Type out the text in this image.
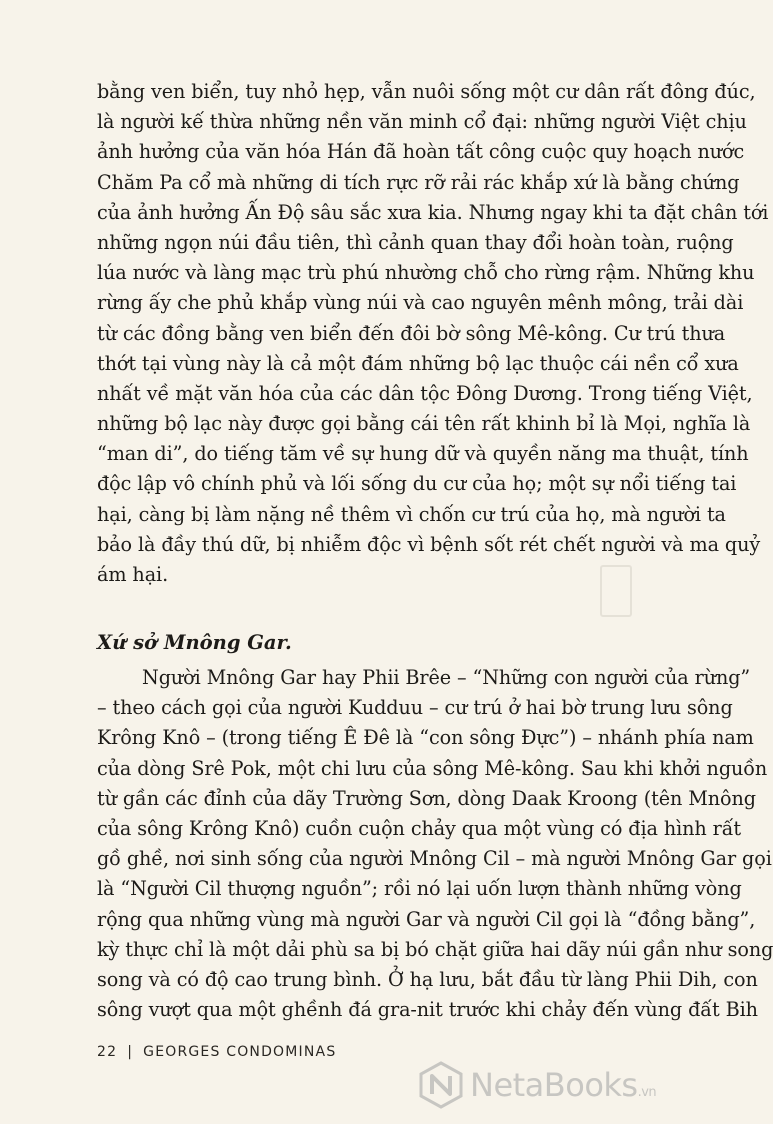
bằng ven biển, tuy nhỏ hẹp, vẫn nuôi sống một cư dân rất đông đúc,
là người kế thừa những nền văn minh cổ đại: những người Việt chịu
ảnh hưởng của văn hóa Hán đã hoàn tất công cuộc quy hoạch nước
Chăm Pa cổ mà những di tích rực rỡ rải rác khắp xứ là bằng chứng
của ảnh hưởng Ấn Độ sâu sắc xưa kia. Nhưng ngay khi ta đặt chân tới
những ngọn núi đầu tiên, thì cảnh quan thay đổi hoàn toàn, ruộng
lúa nước và làng mạc trù phú nhường chỗ cho rừng rậm. Những khu
rừng ấy che phủ khắp vùng núi và cao nguyên mênh mông, trải dài
từ các đồng bằng ven biển đến đôi bờ sông Mê-kông. Cư trú thưa
thớt tại vùng này là cả một đám những bộ lạc thuộc cái nền cổ xưa
nhất về mặt văn hóa của các dân tộc Đông Dương. Trong tiếng Việt,
những bộ lạc này được gọi bằng cái tên rất khinh bỉ là Mọi, nghĩa là
“man di”, do tiếng tăm về sự hung dữ và quyền năng ma thuật, tính
độc lập vô chính phủ và lối sống du cư của họ; một sự nổi tiếng tai
hại, càng bị làm nặng nề thêm vì chốn cư trú của họ, mà người ta
bảo là đầy thú dữ, bị nhiễm độc vì bệnh sốt rét chết người và ma quỷ
ám hại.
Xứ sở Mnông Gar.
Người Mnông Gar hay Phii Brêe – “Những con người của rừng”
– theo cách gọi của người Kudduu – cư trú ở hai bờ trung lưu sông
Krông Knô – (trong tiếng Ê Đê là “con sông Đực”) – nhánh phía nam
của dòng Srê Pok, một chi lưu của sông Mê-kông. Sau khi khởi nguồn
từ gần các đỉnh của dãy Trường Sơn, dòng Daak Kroong (tên Mnông
của sông Krông Knô) cuồn cuộn chảy qua một vùng có địa hình rất
gồ ghề, nơi sinh sống của người Mnông Cil – mà người Mnông Gar gọi
là “Người Cil thượng nguồn”; rồi nó lại uốn lượn thành những vòng
rộng qua những vùng mà người Gar và người Cil gọi là “đồng bằng”,
kỳ thực chỉ là một dải phù sa bị bó chặt giữa hai dãy núi gần như song
song và có độ cao trung bình. Ở hạ lưu, bắt đầu từ làng Phii Dih, con
sông vượt qua một ghềnh đá gra-nit trước khi chảy đến vùng đất Bih
22 | GEORGES CONDOMINAS
NetaBooks.vn
